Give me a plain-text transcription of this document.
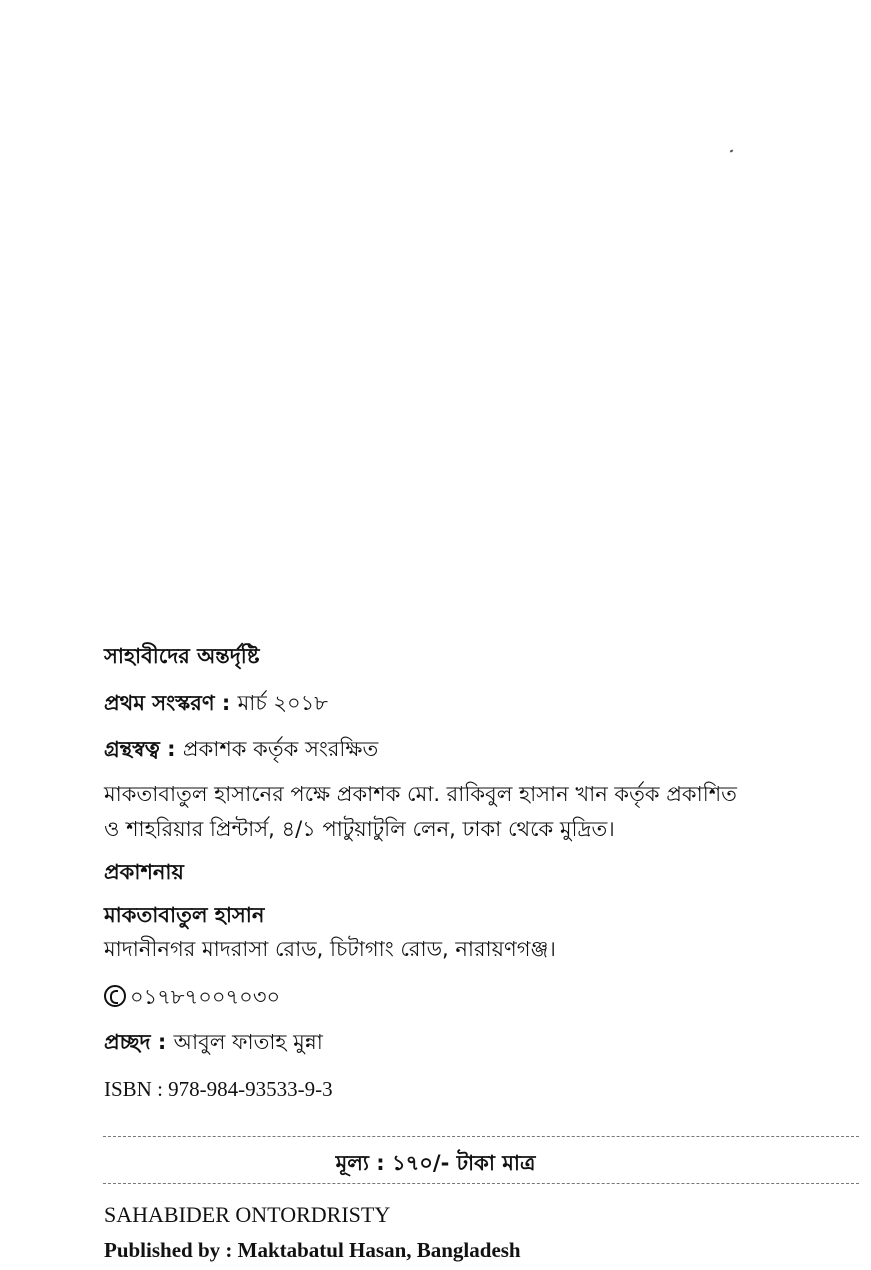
সাহাবীদের অন্তর্দৃষ্টি
প্রথম সংস্করণ : মার্চ ২০১৮
গ্রন্থস্বত্ব : প্রকাশক কর্তৃক সংরক্ষিত
মাকতাবাতুল হাসানের পক্ষে প্রকাশক মো. রাকিবুল হাসান খান কর্তৃক প্রকাশিত
ও শাহরিয়ার প্রিন্টার্স, ৪/১ পাটুয়াটুলি লেন, ঢাকা থেকে মুদ্রিত।
প্রকাশনায়
মাকতাবাতুল হাসান
মাদানীনগর মাদরাসা রোড, চিটাগাং রোড, নারায়ণগঞ্জ।
০১৭৮৭০০৭০৩০
প্রচ্ছদ : আবুল ফাতাহ মুন্না
ISBN : 978-984-93533-9-3
মূল্য : ১৭০/- টাকা মাত্র
SAHABIDER ONTORDRISTY
Published by : Maktabatul Hasan, Bangladesh
